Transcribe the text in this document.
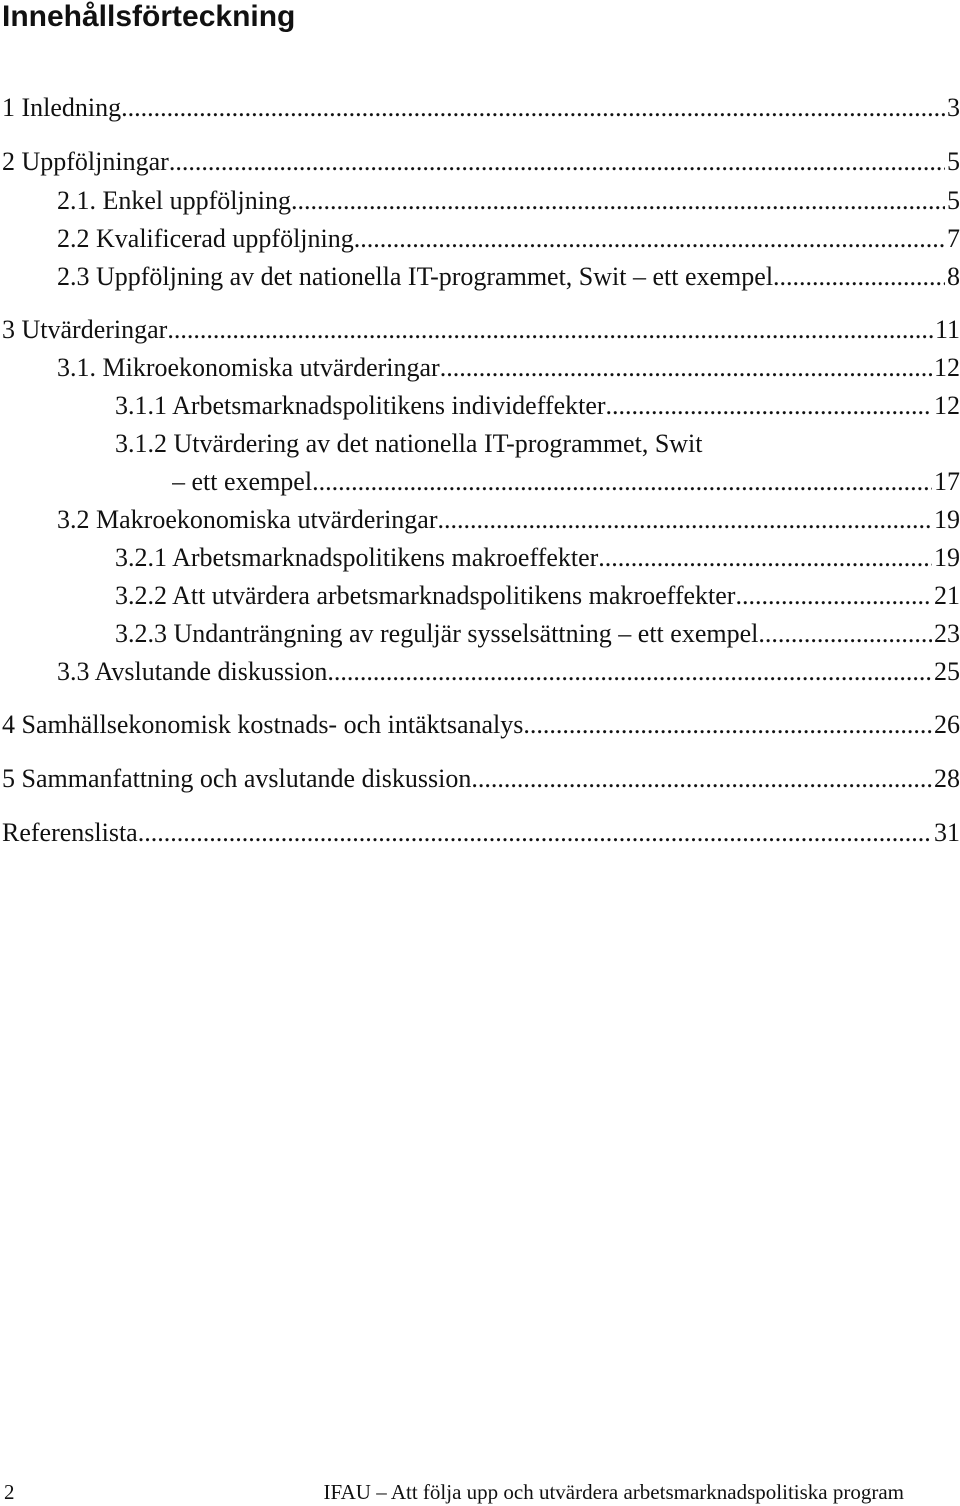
Innehållsförteckning
1 Inledning .....	3
2 Uppföljningar .....	5
2.1. Enkel uppföljning .....	5
2.2 Kvalificerad uppföljning .....	7
2.3 Uppföljning av det nationella IT-programmet, Swit – ett exempel .....	8
3 Utvärderingar .....	11
3.1. Mikroekonomiska utvärderingar .....	12
3.1.1 Arbetsmarknadspolitikens individeffekter .....	12
3.1.2 Utvärdering av det nationella IT-programmet, Swit
– ett exempel .....	17
3.2 Makroekonomiska utvärderingar .....	19
3.2.1 Arbetsmarknadspolitikens makroeffekter .....	19
3.2.2 Att utvärdera arbetsmarknadspolitikens makroeffekter .....	21
3.2.3 Undanträngning av reguljär sysselsättning – ett exempel .....	23
3.3 Avslutande diskussion .....	25
4 Samhällsekonomisk kostnads- och intäktsanalys .....	26
5 Sammanfattning och avslutande diskussion .....	28
Referenslista .....	31
2	IFAU – Att följa upp och utvärdera arbetsmarknadspolitiska program
